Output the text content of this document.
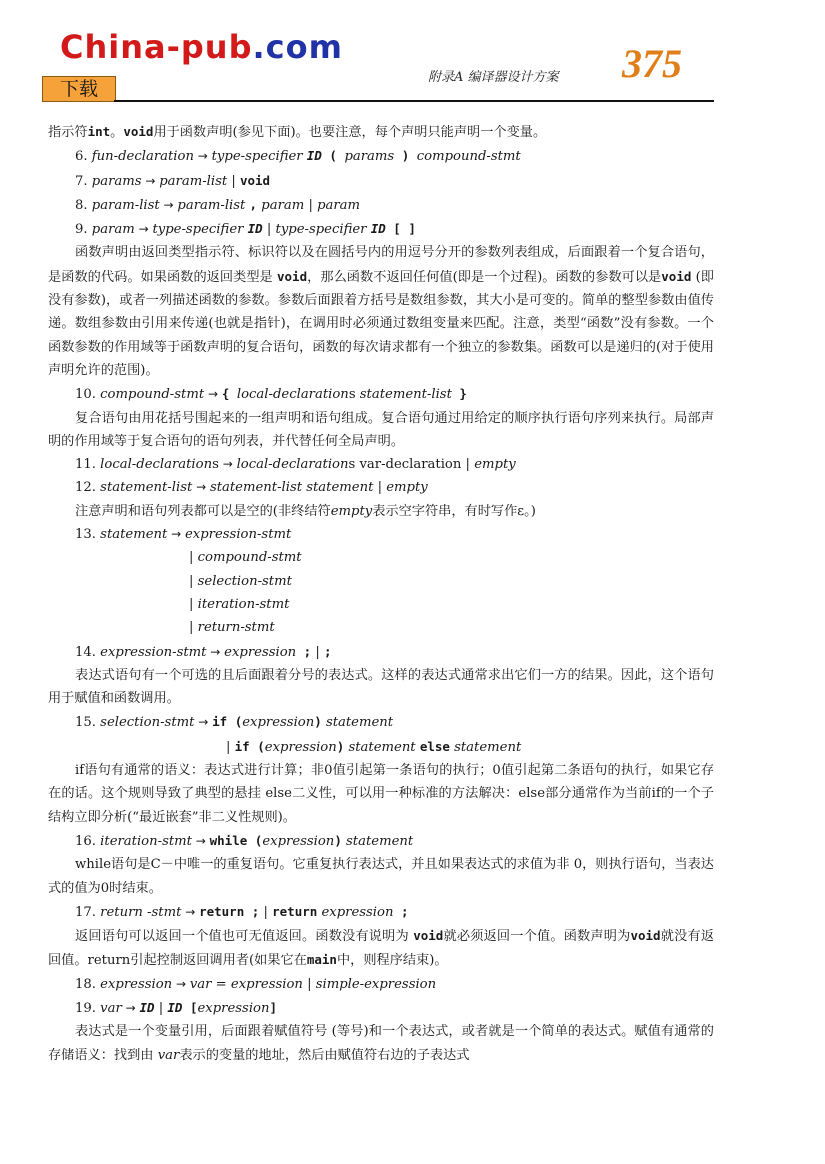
China-pub.com
下载
附录A 编译器设计方案 375

指示符int。void用于函数声明(参见下面)。也要注意，每个声明只能声明一个变量。

6. fun-declaration → type-specifier ID ( params ) compound-stmt

7. params → param-list | void

8. param-list → param-list , param | param

9. param → type-specifier ID | type-specifier ID [ ]

函数声明由返回类型指示符、标识符以及在圆括号内的用逗号分开的参数列表组成，后面跟着一个复合语句，是函数的代码。如果函数的返回类型是 void，那么函数不返回任何值(即是一个过程)。函数的参数可以是void (即没有参数)，或者一列描述函数的参数。参数后面跟着方括号是数组参数，其大小是可变的。简单的整型参数由值传递。数组参数由引用来传递(也就是指针)，在调用时必须通过数组变量来匹配。注意，类型“函数”没有参数。一个函数参数的作用域等于函数声明的复合语句，函数的每次请求都有一个独立的参数集。函数可以是递归的(对于使用声明允许的范围)。

10. compound-stmt → { local-declarations statement-list }

复合语句由用花括号围起来的一组声明和语句组成。复合语句通过用给定的顺序执行语句序列来执行。局部声明的作用域等于复合语句的语句列表，并代替任何全局声明。

11. local-declarations → local-declarations var-declaration | empty

12. statement-list → statement-list statement | empty

注意声明和语句列表都可以是空的(非终结符empty表示空字符串，有时写作ε。)

13. statement → expression-stmt

| compound-stmt

| selection-stmt

| iteration-stmt

| return-stmt

14. expression-stmt → expression ; | ;

表达式语句有一个可选的且后面跟着分号的表达式。这样的表达式通常求出它们一方的结果。因此，这个语句用于赋值和函数调用。

15. selection-stmt → if (expression) statement

| if (expression) statement else statement

if语句有通常的语义：表达式进行计算；非0值引起第一条语句的执行；0值引起第二条语句的执行，如果它存在的话。这个规则导致了典型的悬挂 else二义性，可以用一种标准的方法解决：else部分通常作为当前if的一个子结构立即分析(“最近嵌套”非二义性规则)。

16. iteration-stmt → while (expression) statement

while语句是C－中唯一的重复语句。它重复执行表达式，并且如果表达式的求值为非 0，则执行语句，当表达式的值为0时结束。

17. return -stmt → return ; | return expression ;

返回语句可以返回一个值也可无值返回。函数没有说明为 void就必须返回一个值。函数声明为void就没有返回值。return引起控制返回调用者(如果它在main中，则程序结束)。

18. expression → var = expression | simple-expression

19. var → ID | ID [expression]

表达式是一个变量引用，后面跟着赋值符号 (等号)和一个表达式，或者就是一个简单的表达式。赋值有通常的存储语义：找到由 var表示的变量的地址，然后由赋值符右边的子表达式
